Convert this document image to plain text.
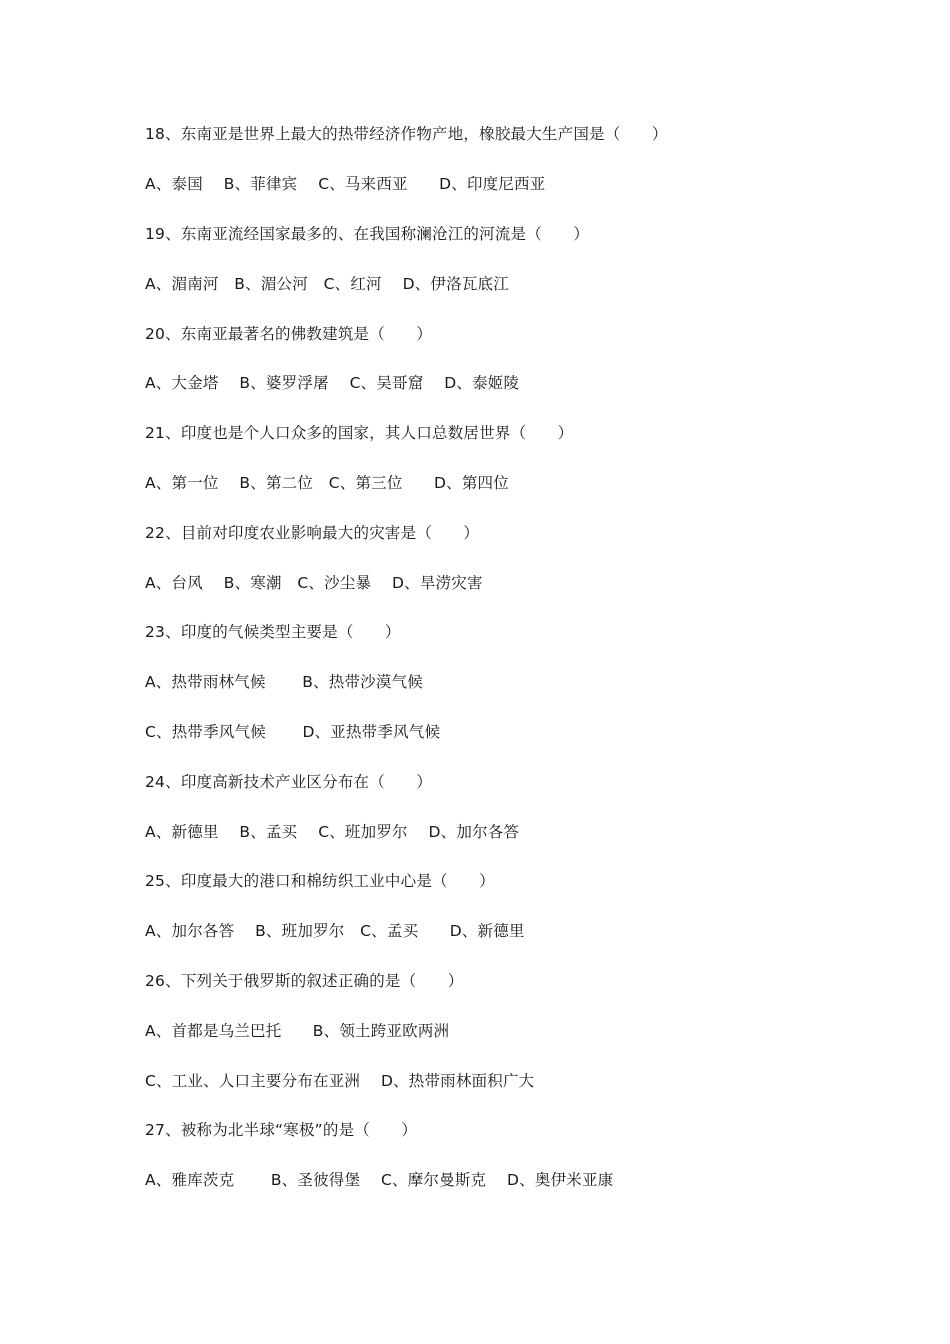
18、东南亚是世界上最大的热带经济作物产地，橡胶最大生产国是（　　）
A、泰国　 B、菲律宾　 C、马来西亚　　D、印度尼西亚
19、东南亚流经国家最多的、在我国称澜沧江的河流是（　　）
A、湄南河　B、湄公河　C、红河　 D、伊洛瓦底江
20、东南亚最著名的佛教建筑是（　　）
A、大金塔　 B、婆罗浮屠　 C、吴哥窟　 D、泰姬陵
21、印度也是个人口众多的国家，其人口总数居世界（　　）
A、第一位　 B、第二位　C、第三位　　D、第四位
22、目前对印度农业影响最大的灾害是（　　）
A、台风　 B、寒潮　C、沙尘暴　 D、旱涝灾害
23、印度的气候类型主要是（　　）
A、热带雨林气候　　 B、热带沙漠气候
C、热带季风气候　　 D、亚热带季风气候
24、印度高新技术产业区分布在（　　）
A、新德里　 B、孟买　 C、班加罗尔　 D、加尔各答
25、印度最大的港口和棉纺织工业中心是（　　）
A、加尔各答　 B、班加罗尔　C、孟买　　D、新德里
26、下列关于俄罗斯的叙述正确的是（　　）
A、首都是乌兰巴托　　B、领土跨亚欧两洲
C、工业、人口主要分布在亚洲　 D、热带雨林面积广大
27、被称为北半球“寒极”的是（　　）
A、雅库茨克　　 B、圣彼得堡　 C、摩尔曼斯克　 D、奥伊米亚康
